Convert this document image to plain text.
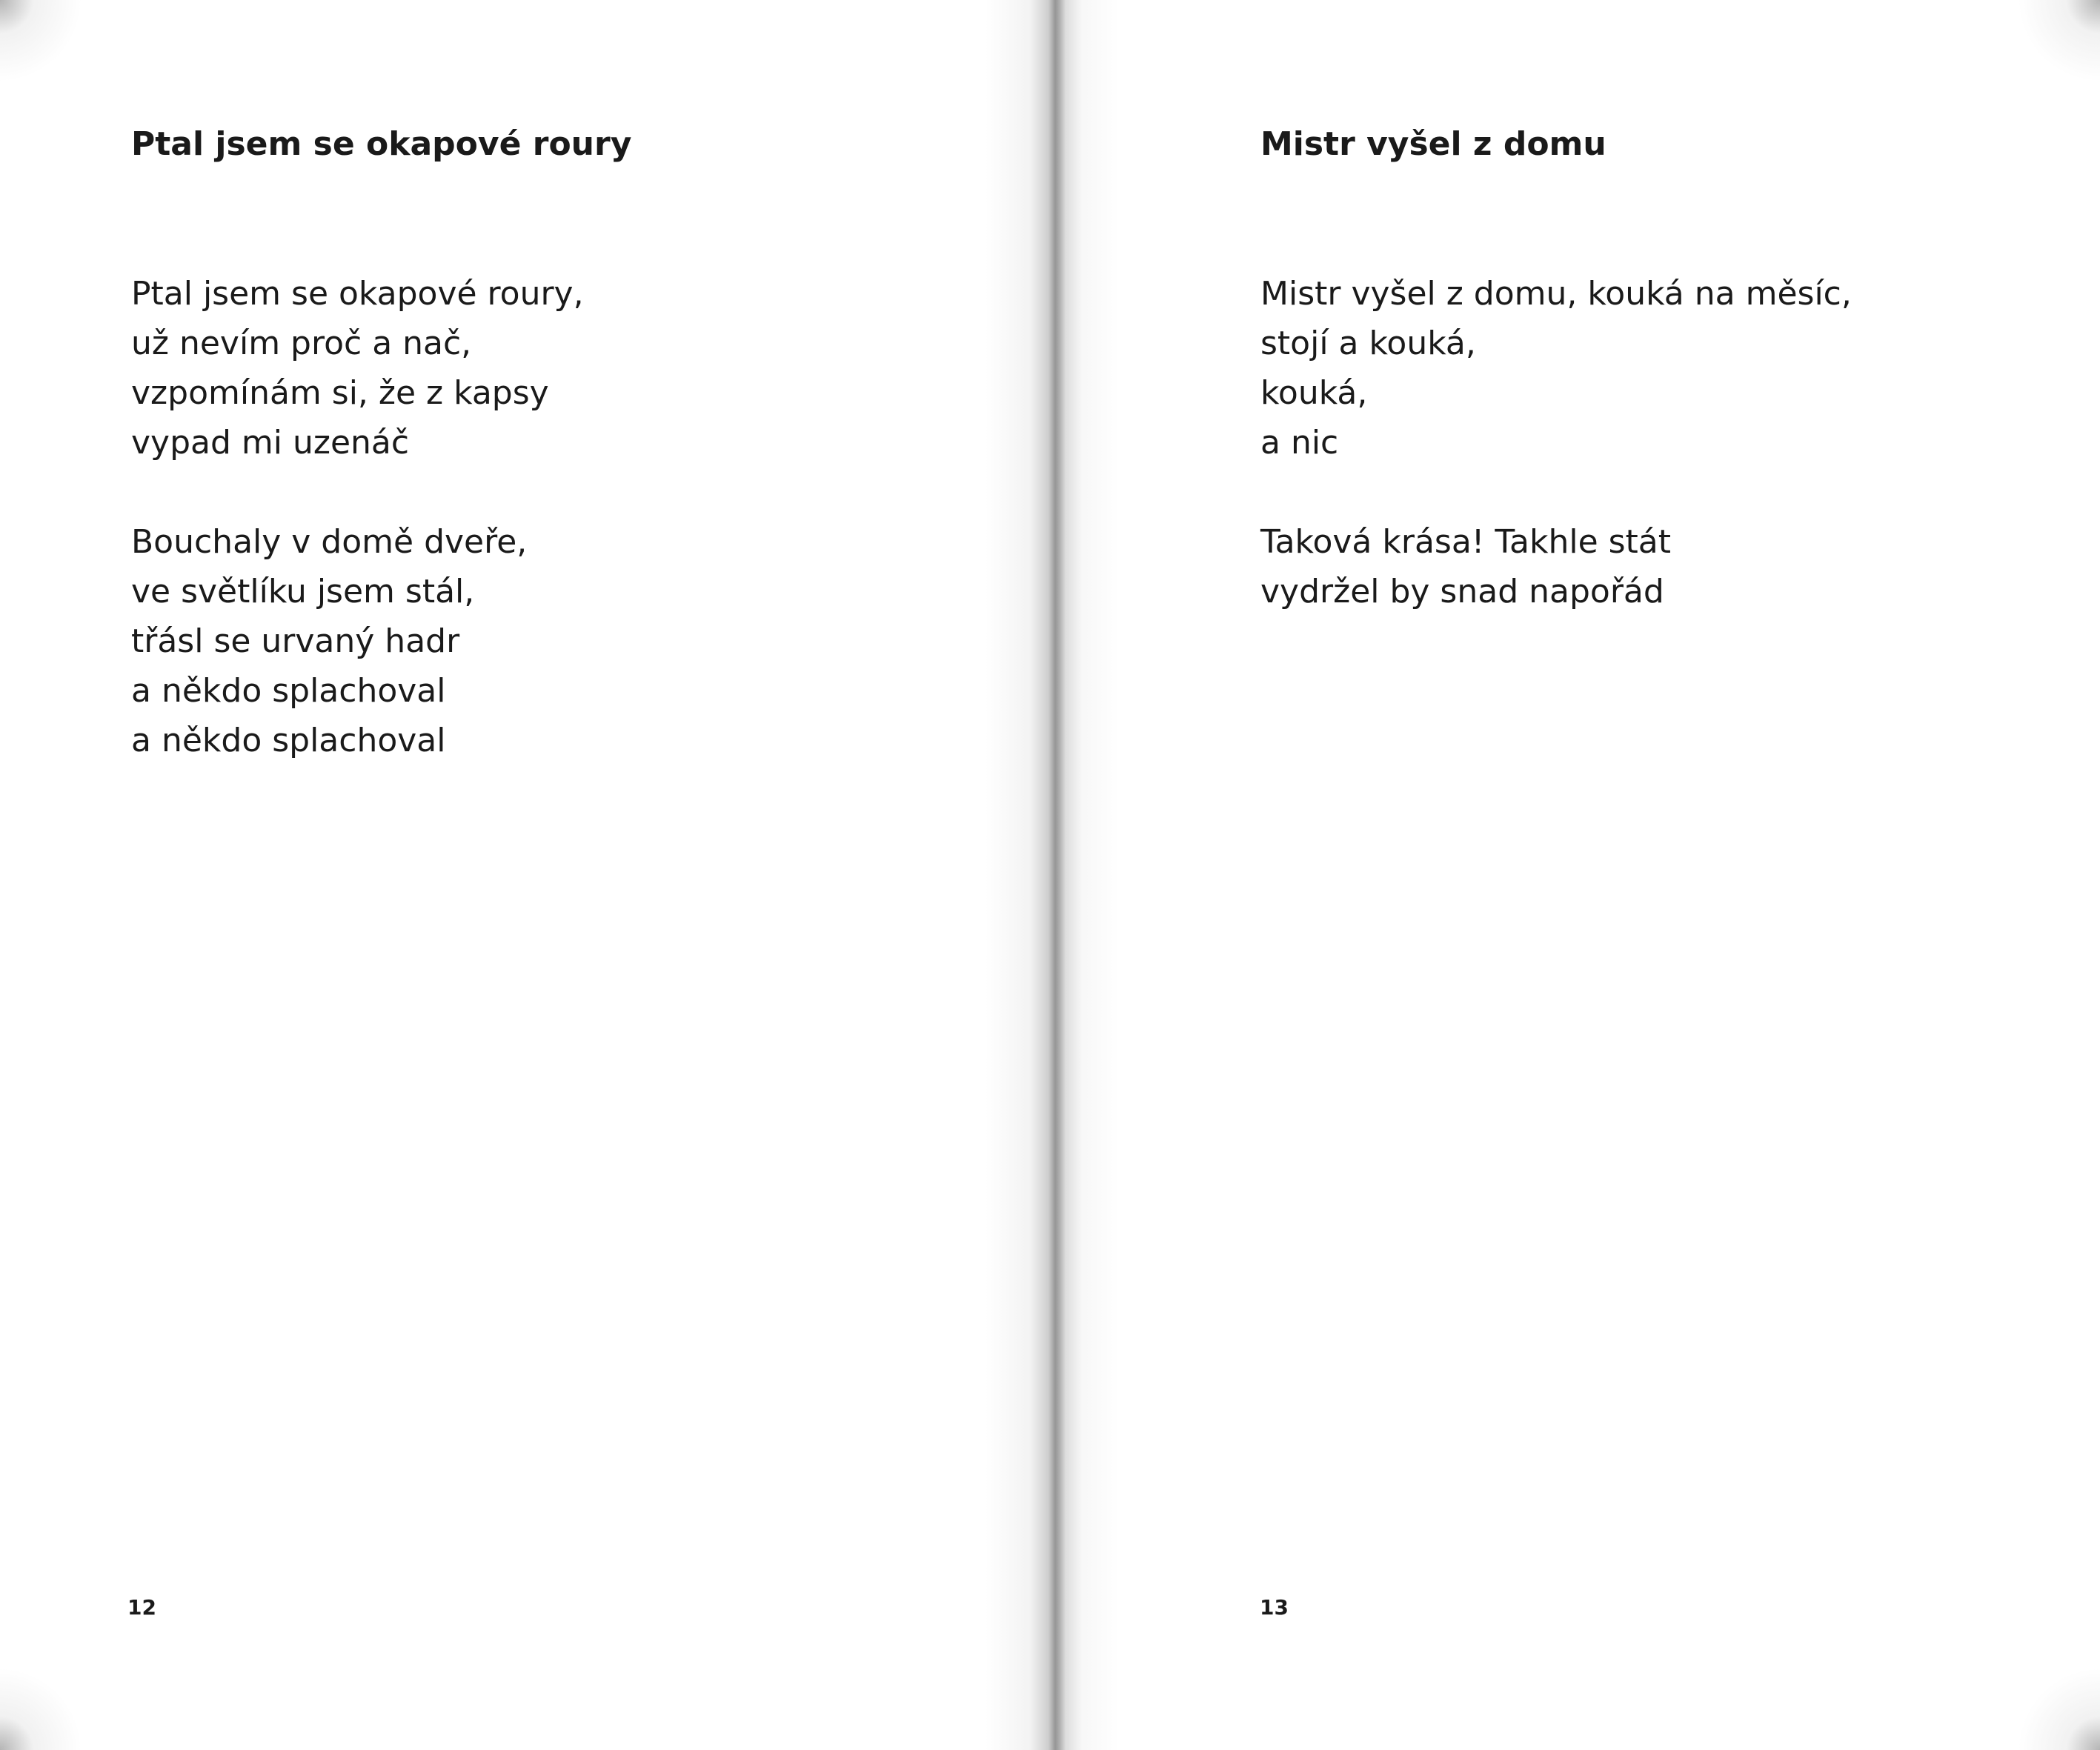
Ptal jsem se okapové roury

Ptal jsem se okapové roury,
už nevím proč a nač,
vzpomínám si, že z kapsy
vypad mi uzenáč

Bouchaly v domě dveře,
ve světlíku jsem stál,
třásl se urvaný hadr
a někdo splachoval
a někdo splachoval

12
Mistr vyšel z domu

Mistr vyšel z domu, kouká na měsíc,
stojí a kouká,
kouká,
a nic

Taková krása! Takhle stát
vydržel by snad napořád

13
